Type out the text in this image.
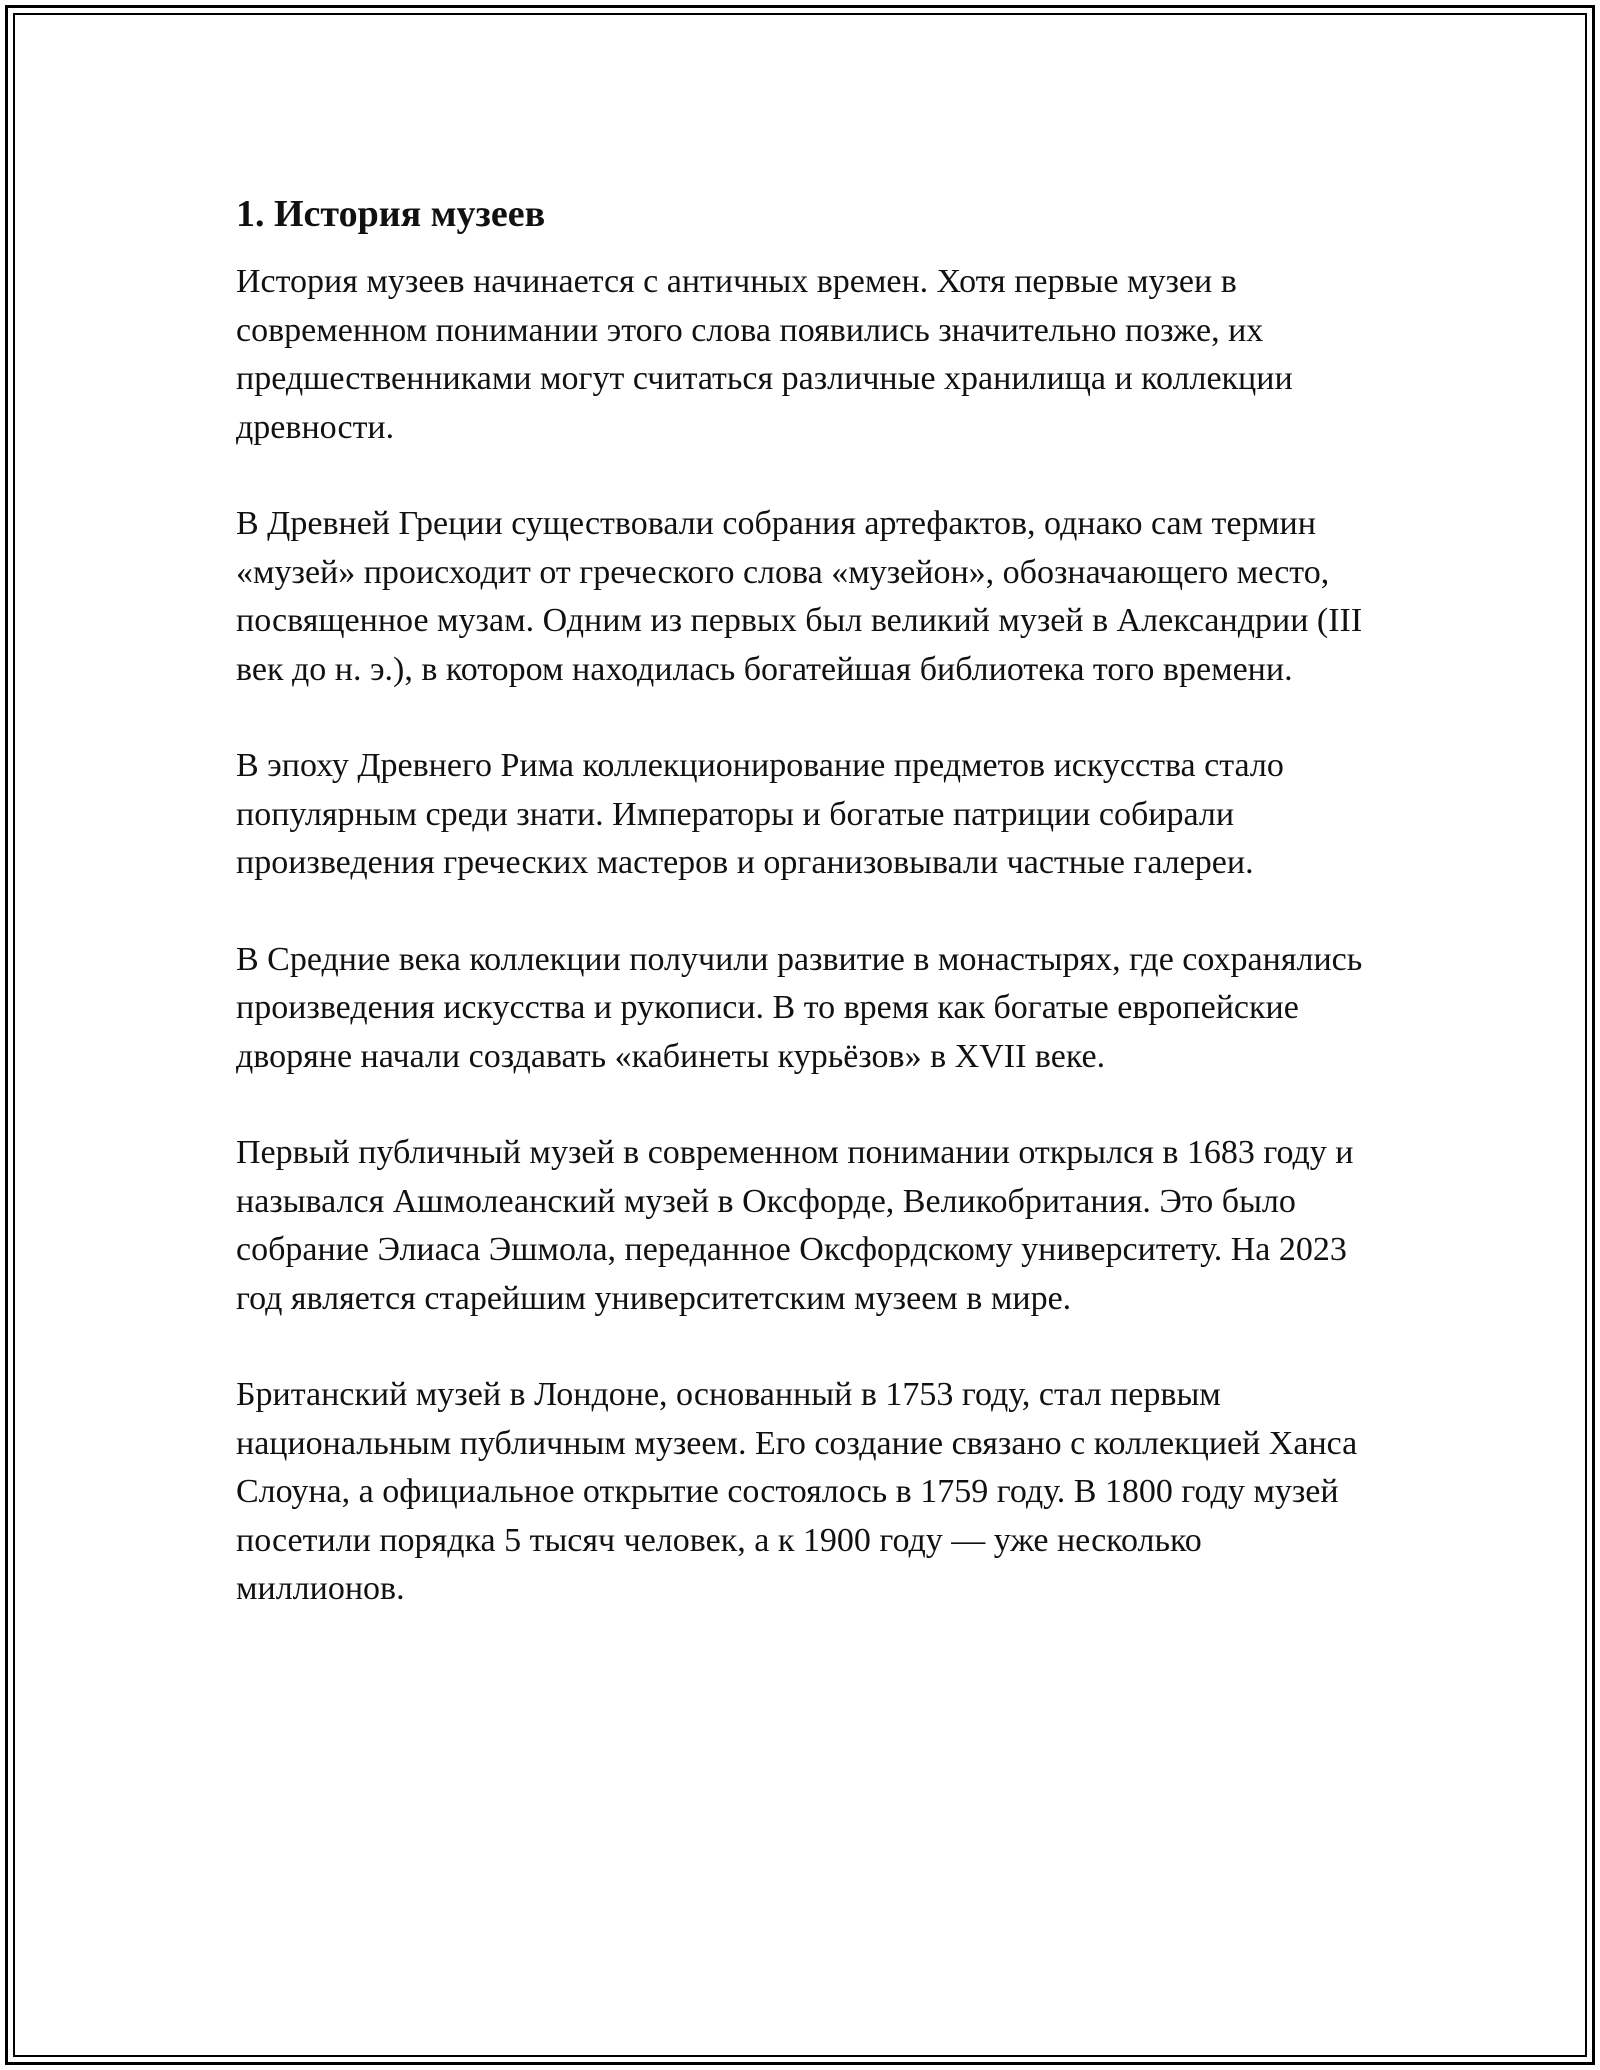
1. История музеев

История музеев начинается с античных времен. Хотя первые музеи в современном понимании этого слова появились значительно позже, их предшественниками могут считаться различные хранилища и коллекции древности.

В Древней Греции существовали собрания артефактов, однако сам термин «музей» происходит от греческого слова «музейон», обозначающего место, посвященное музам. Одним из первых был великий музей в Александрии (III век до н. э.), в котором находилась богатейшая библиотека того времени.

В эпоху Древнего Рима коллекционирование предметов искусства стало популярным среди знати. Императоры и богатые патриции собирали произведения греческих мастеров и организовывали частные галереи.

В Средние века коллекции получили развитие в монастырях, где сохранялись произведения искусства и рукописи. В то время как богатые европейские дворяне начали создавать «кабинеты курьёзов» в XVII веке.

Первый публичный музей в современном понимании открылся в 1683 году и назывался Ашмолеанский музей в Оксфорде, Великобритания. Это было собрание Элиаса Эшмола, переданное Оксфордскому университету. На 2023 год является старейшим университетским музеем в мире.

Британский музей в Лондоне, основанный в 1753 году, стал первым национальным публичным музеем. Его создание связано с коллекцией Ханса Слоуна, а официальное открытие состоялось в 1759 году. В 1800 году музей посетили порядка 5 тысяч человек, а к 1900 году — уже несколько миллионов.
